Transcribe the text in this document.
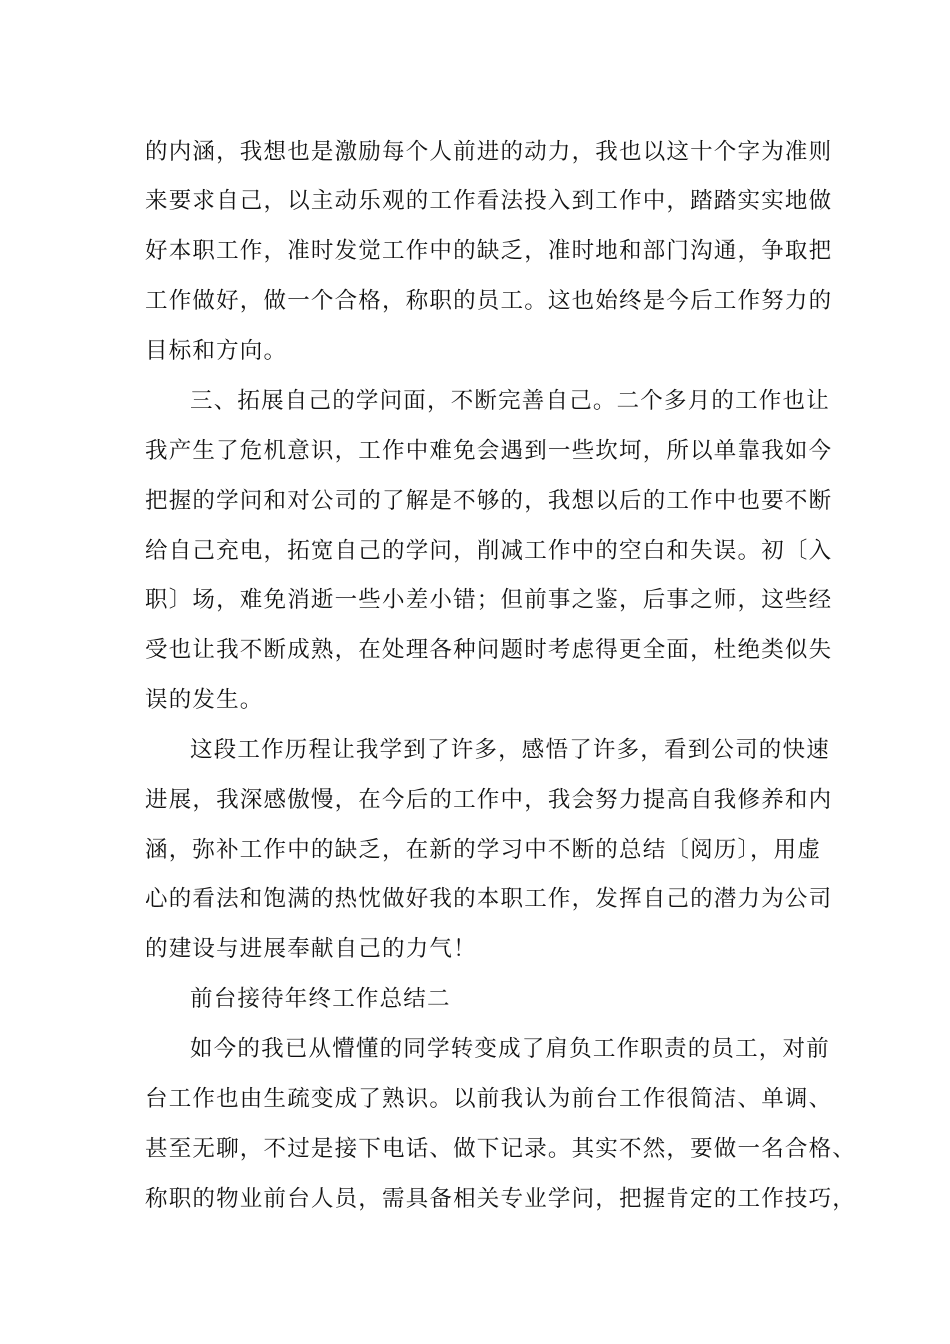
的内涵，我想也是激励每个人前进的动力，我也以这十个字为准则
来要求自己，以主动乐观的工作看法投入到工作中，踏踏实实地做
好本职工作，准时发觉工作中的缺乏，准时地和部门沟通，争取把
工作做好，做一个合格，称职的员工。这也始终是今后工作努力的
目标和方向。
三、拓展自己的学问面，不断完善自己。二个多月的工作也让
我产生了危机意识，工作中难免会遇到一些坎坷，所以单靠我如今
把握的学问和对公司的了解是不够的，我想以后的工作中也要不断
给自己充电，拓宽自己的学问，削减工作中的空白和失误。初〔入
职〕场，难免消逝一些小差小错；但前事之鉴，后事之师，这些经
受也让我不断成熟，在处理各种问题时考虑得更全面，杜绝类似失
误的发生。
这段工作历程让我学到了许多，感悟了许多，看到公司的快速
进展，我深感傲慢，在今后的工作中，我会努力提高自我修养和内
涵，弥补工作中的缺乏，在新的学习中不断的总结〔阅历〕，用虚
心的看法和饱满的热忱做好我的本职工作，发挥自己的潜力为公司
的建设与进展奉献自己的力气！
前台接待年终工作总结二
如今的我已从懵懂的同学转变成了肩负工作职责的员工，对前
台工作也由生疏变成了熟识。以前我认为前台工作很简洁、单调、
甚至无聊，不过是接下电话、做下记录。其实不然，要做一名合格、
称职的物业前台人员，需具备相关专业学问，把握肯定的工作技巧，
